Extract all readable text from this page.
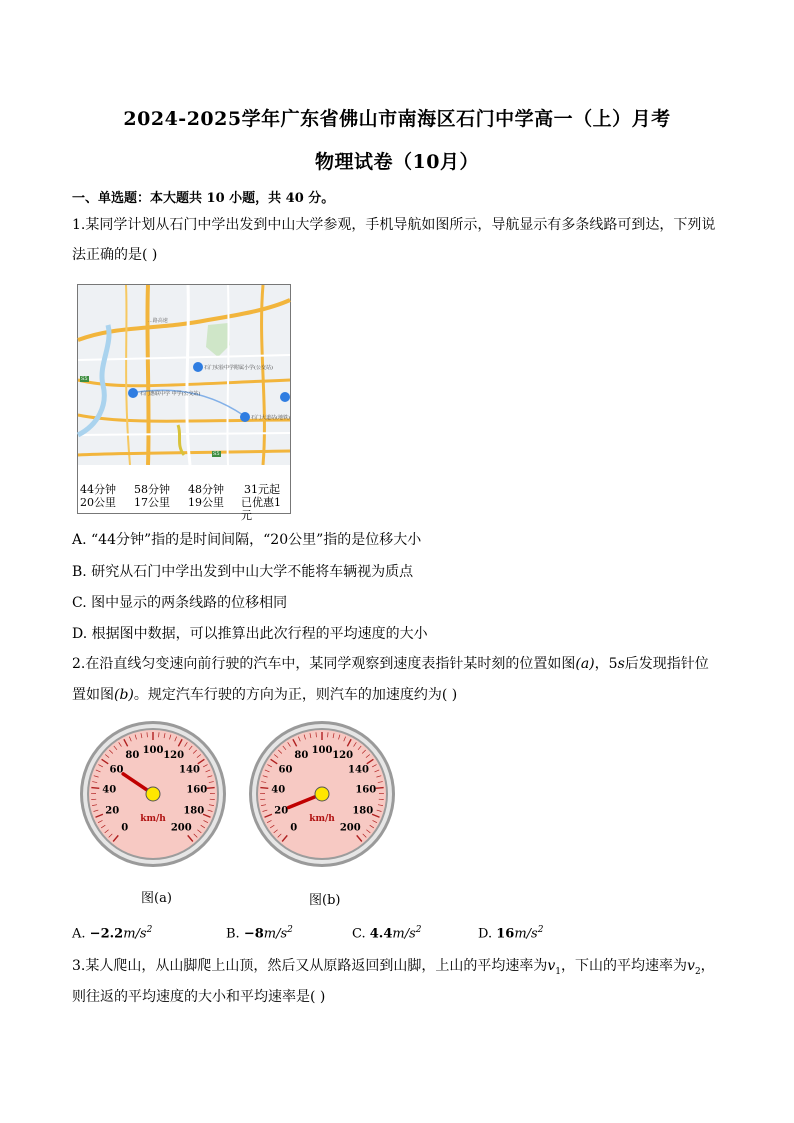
2024-2025学年广东省佛山市南海区石门中学高一（上）月考
物理试卷（10月）
一、单选题：本大题共 10 小题，共 40 分。
1.某同学计划从石门中学出发到中山大学参观，手机导航如图所示，导航显示有多条线路可到达，下列说
法正确的是( )
...路高速
石门实验中学附属小学(公交站)
石门惠联中学 中学(公交站)
石门大道站(地铁)
S5
S5
44分钟
20公里
58分钟
17公里
48分钟
19公里
31元起
已优惠1元
A. “44分钟”指的是时间间隔，“20公里”指的是位移大小
B. 研究从石门中学出发到中山大学不能将车辆视为质点
C. 图中显示的两条线路的位移相同
D. 根据图中数据，可以推算出此次行程的平均速度的大小
2.在沿直线匀变速向前行驶的汽车中，某同学观察到速度表指针某时刻的位置如图(a)，5s后发现指针位
置如图(b)。规定汽车行驶的方向为正，则汽车的加速度约为( )
0
20
40
60
80 100 120
140
160
180
200
km/h
0
20
40
60
80 100 120
140
160
180
200
km/h
图(a)	图(b)
A. $-2.2m/s^2$	B. $-8m/s^2$	C. $4.4m/s^2$	D. $16m/s^2$
3.某人爬山，从山脚爬上山顶，然后又从原路返回到山脚，上山的平均速率为$v_1$，下山的平均速率为$v_2$，
则往返的平均速度的大小和平均速率是( )
